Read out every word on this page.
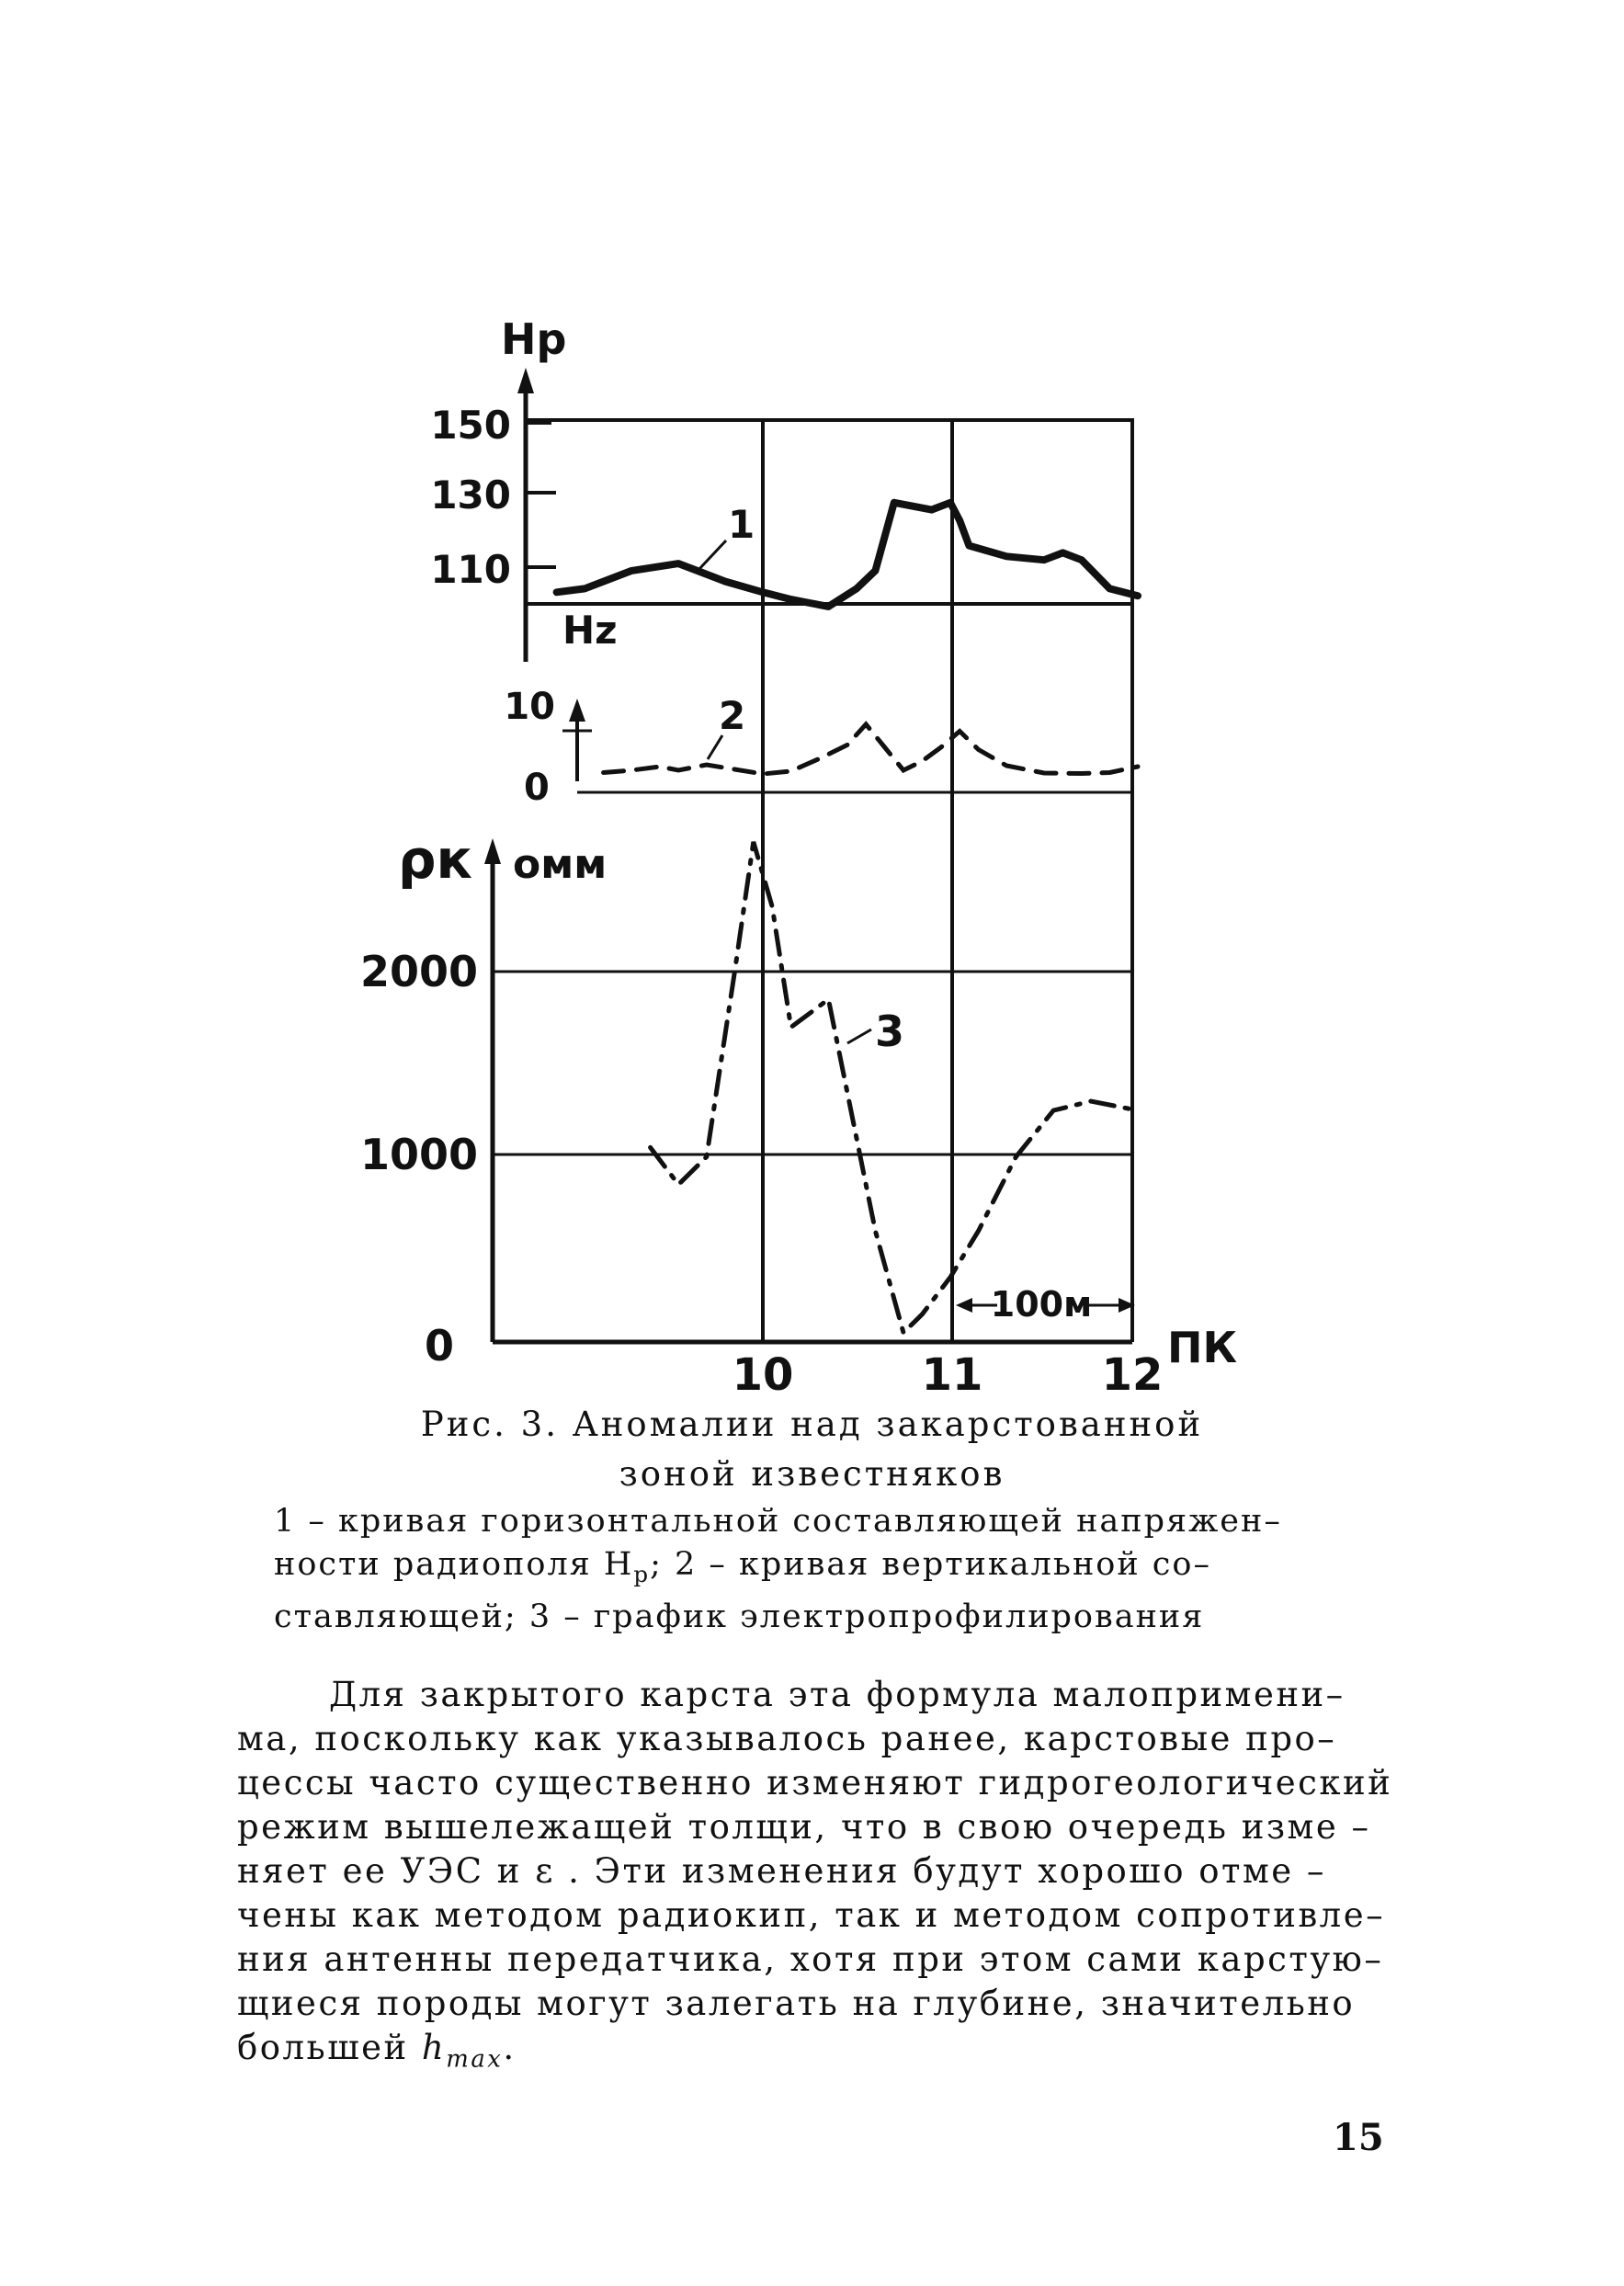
Hp
150
130
110
Hz
10
0
ρк омм
2000
1000
0
10	11	12
ПК
100м
1
2
3
Рис. 3. Аномалии над закарстованной
зоной известняков
1 – кривая горизонтальной составляющей напряжен–
ности радиополя $H_р$; 2 – кривая вертикальной со–
ставляющей; 3 – график электропрофилирования
Для закрытого карста эта формула малопримени–
ма, поскольку как указывалось ранее, карстовые про–
цессы часто существенно изменяют гидрогеологический
режим вышележащей толщи, что в свою очередь изме –
няет ее УЭС и ε . Эти изменения будут хорошо отме –
чены как методом радиокип, так и методом сопротивле–
ния антенны передатчика, хотя при этом сами карстую–
щиеся породы могут залегать на глубине, значительно
большей $h_{max}$.
15
